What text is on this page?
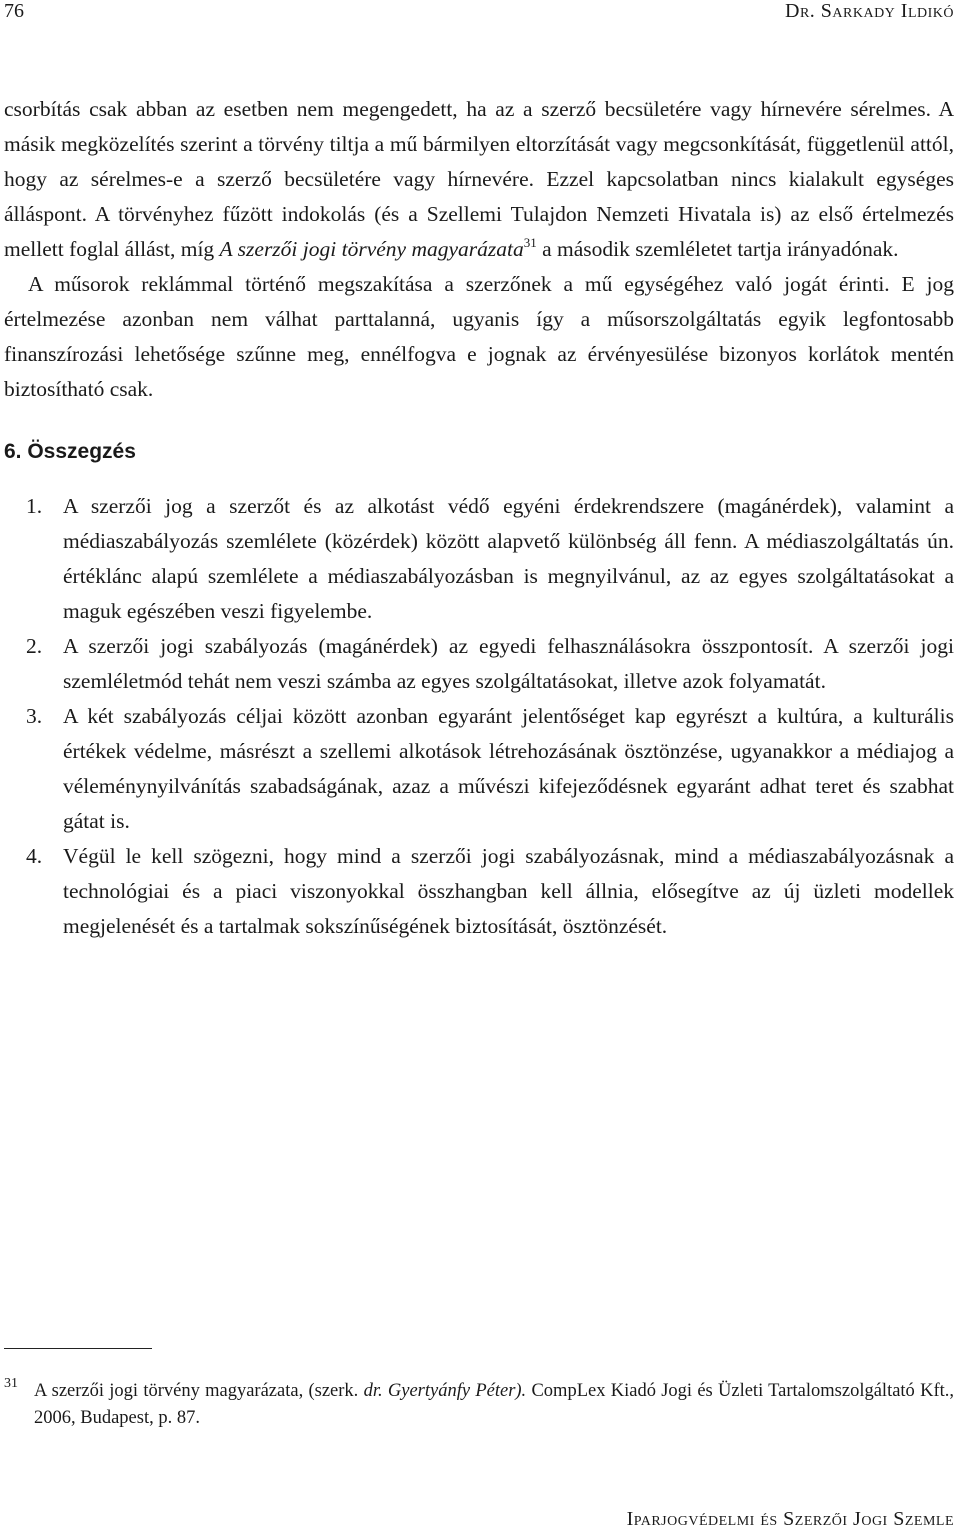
76	Dr. Sarkady Ildikó

csorbítás csak abban az esetben nem megengedett, ha az a szerző becsületére vagy hírnevére sérelmes. A másik megközelítés szerint a törvény tiltja a mű bármilyen eltorzítását vagy megcsonkítását, függetlenül attól, hogy az sérelmes-e a szerző becsületére vagy hírnevére. Ezzel kapcsolatban nincs kialakult egységes álláspont. A törvényhez fűzött indokolás (és a Szellemi Tulajdon Nemzeti Hivatala is) az első értelmezés mellett foglal állást, míg A szerzői jogi törvény magyarázata$^{31}$ a második szemléletet tartja irányadónak.

A műsorok reklámmal történő megszakítása a szerzőnek a mű egységéhez való jogát érinti. E jog értelmezése azonban nem válhat parttalanná, ugyanis így a műsorszolgáltatás egyik legfontosabb finanszírozási lehetősége szűnne meg, ennélfogva e jognak az érvényesülése bizonyos korlátok mentén biztosítható csak.

6. Összegzés
1. A szerzői jog a szerzőt és az alkotást védő egyéni érdekrendszere (magánérdek), valamint a médiaszabályozás szemlélete (közérdek) között alapvető különbség áll fenn. A médiaszolgáltatás ún. értéklánc alapú szemlélete a médiaszabályozásban is megnyilvánul, az az egyes szolgáltatásokat a maguk egészében veszi figyelembe.
2. A szerzői jogi szabályozás (magánérdek) az egyedi felhasználásokra összpontosít. A szerzői jogi szemléletmód tehát nem veszi számba az egyes szolgáltatásokat, illetve azok folyamatát.
3. A két szabályozás céljai között azonban egyaránt jelentőséget kap egyrészt a kultúra, a kulturális értékek védelme, másrészt a szellemi alkotások létrehozásának ösztönzése, ugyanakkor a médiajog a véleménynyilvánítás szabadságának, azaz a művészi kifejeződésnek egyaránt adhat teret és szabhat gátat is.
4. Végül le kell szögezni, hogy mind a szerzői jogi szabályozásnak, mind a médiaszabályozásnak a technológiai és a piaci viszonyokkal összhangban kell állnia, elősegítve az új üzleti modellek megjelenését és a tartalmak sokszínűségének biztosítását, ösztönzését.
31 A szerzői jogi törvény magyarázata, (szerk. dr. Gyertyánfy Péter). CompLex Kiadó Jogi és Üzleti Tartalomszolgáltató Kft., 2006, Budapest, p. 87.
Iparjogvédelmi és Szerzői Jogi Szemle
